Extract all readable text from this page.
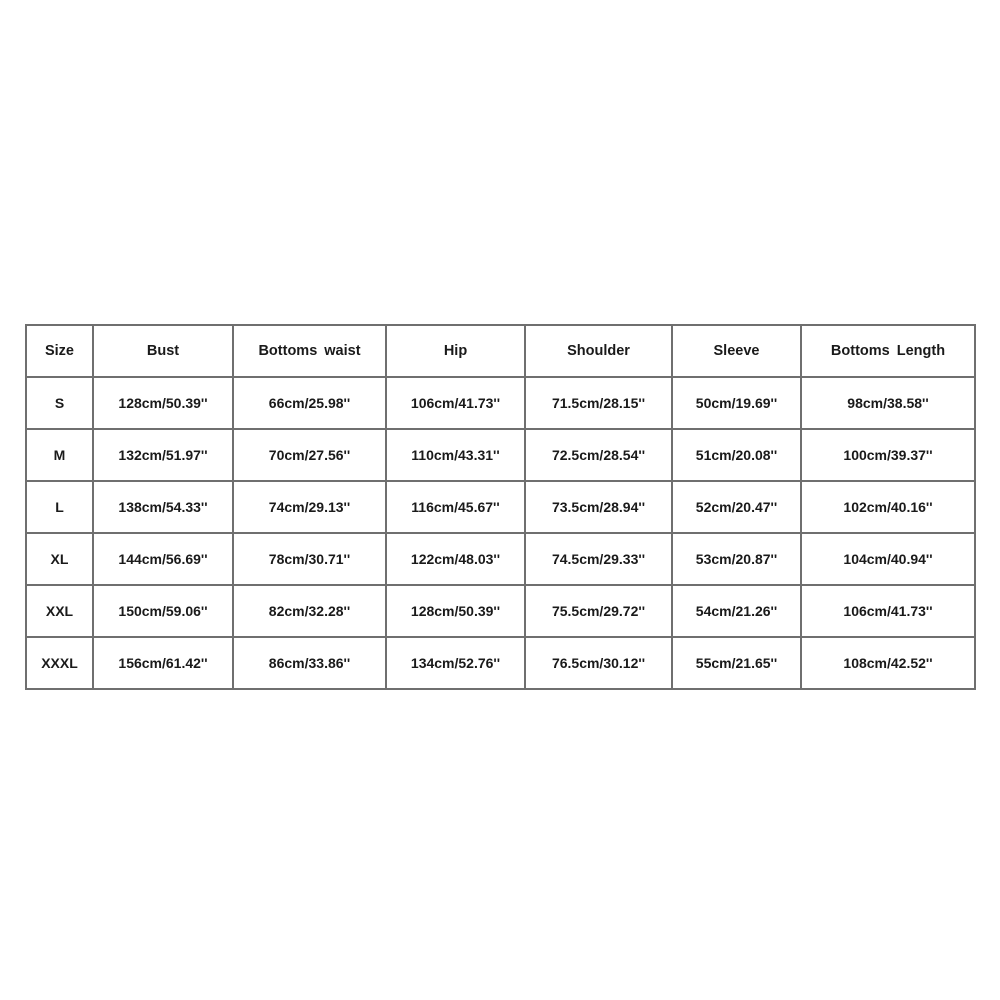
Size	Bust	Bottoms waist	Hip	Shoulder	Sleeve	Bottoms Length
S	128cm/50.39''	66cm/25.98''	106cm/41.73''	71.5cm/28.15''	50cm/19.69''	98cm/38.58''
M	132cm/51.97''	70cm/27.56''	110cm/43.31''	72.5cm/28.54''	51cm/20.08''	100cm/39.37''
L	138cm/54.33''	74cm/29.13''	116cm/45.67''	73.5cm/28.94''	52cm/20.47''	102cm/40.16''
XL	144cm/56.69''	78cm/30.71''	122cm/48.03''	74.5cm/29.33''	53cm/20.87''	104cm/40.94''
XXL	150cm/59.06''	82cm/32.28''	128cm/50.39''	75.5cm/29.72''	54cm/21.26''	106cm/41.73''
XXXL	156cm/61.42''	86cm/33.86''	134cm/52.76''	76.5cm/30.12''	55cm/21.65''	108cm/42.52''
